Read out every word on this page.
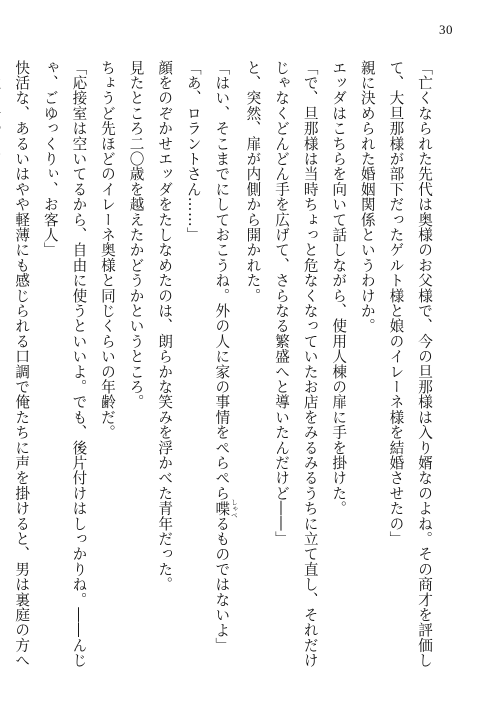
30

「亡くなられた先代は奥様のお父様で、今の旦那様は入り婿なのよね。その商才を評価して、大旦那様が部下だったゲルト様と娘のイレーネ様を結婚させたの」

親に決められた婚姻関係というわけか。

エッダはこちらを向いて話しながら、使用人棟の扉に手を掛けた。

「で、旦那様は当時ちょっと危なくなっていたお店をみるみるうちに立て直し、それだけじゃなくどんどん手を広げて、さらなる繁盛へと導いたんだけど――」

と、突然、扉が内側から開かれた。

「はい、そこまでにしておこうね。外の人に家の事情をぺらぺら喋 しゃべるものではないよ」

「あ、ロラントさん……」

顔をのぞかせエッダをたしなめたのは、朗らかな笑みを浮かべた青年だった。

見たところ二〇歳を越えたかどうかというところ。

ちょうど先ほどのイレーネ奥様と同じくらいの年齢だ。

「応接室は空いてるから、自由に使うといいよ。でも、後片付けはしっかりね。――んじゃ、ごゆっくりぃ、お客人」

快活な、あるいはやや軽薄にも感じられる口調で俺たちに声を掛けると、男は裏庭の方へ
